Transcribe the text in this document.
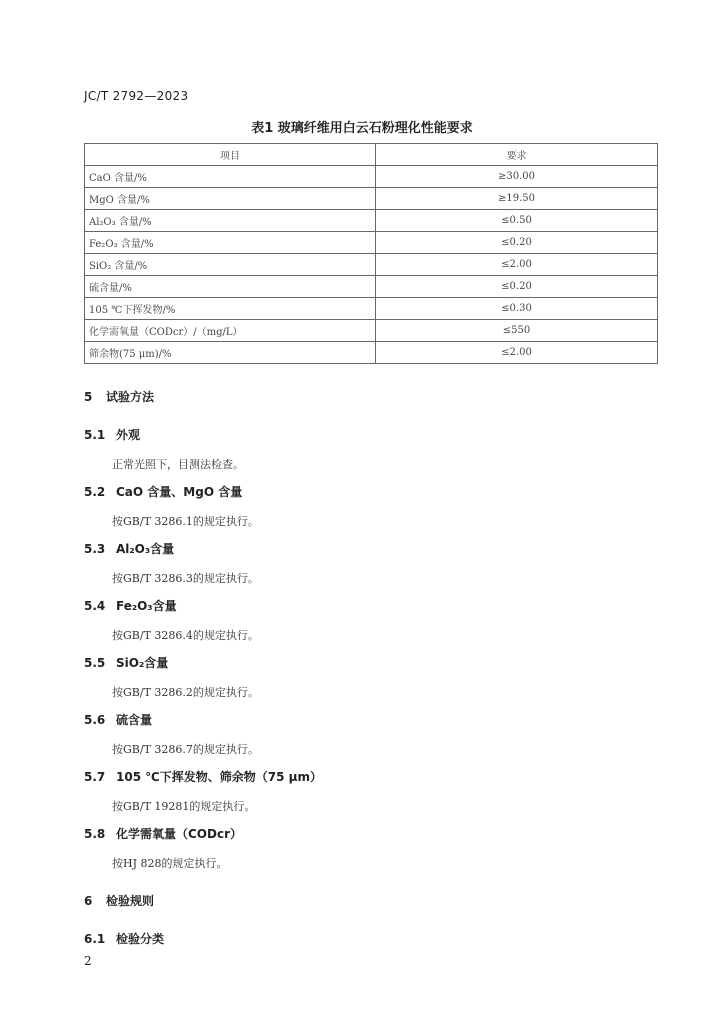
JC/T 2792—2023
表1 玻璃纤维用白云石粉理化性能要求
项目	要求
CaO 含量/%	≥30.00
MgO 含量/%	≥19.50
Al₂O₃ 含量/%	≤0.50
Fe₂O₃ 含量/%	≤0.20
SiO₂ 含量/%	≤2.00
硫含量/%	≤0.20
105 ℃下挥发物/%	≤0.30
化学需氧量（CODcr）/（mg/L）	≤550
筛余物(75 μm)/%	≤2.00
5 试验方法
5.1 外观
正常光照下，目测法检查。
5.2 CaO 含量、MgO 含量
按GB/T 3286.1的规定执行。
5.3 Al₂O₃含量
按GB/T 3286.3的规定执行。
5.4 Fe₂O₃含量
按GB/T 3286.4的规定执行。
5.5 SiO₂含量
按GB/T 3286.2的规定执行。
5.6 硫含量
按GB/T 3286.7的规定执行。
5.7 105 ℃下挥发物、筛余物（75 μm）
按GB/T 19281的规定执行。
5.8 化学需氧量（CODcr）
按HJ 828的规定执行。
6 检验规则
6.1 检验分类
2
